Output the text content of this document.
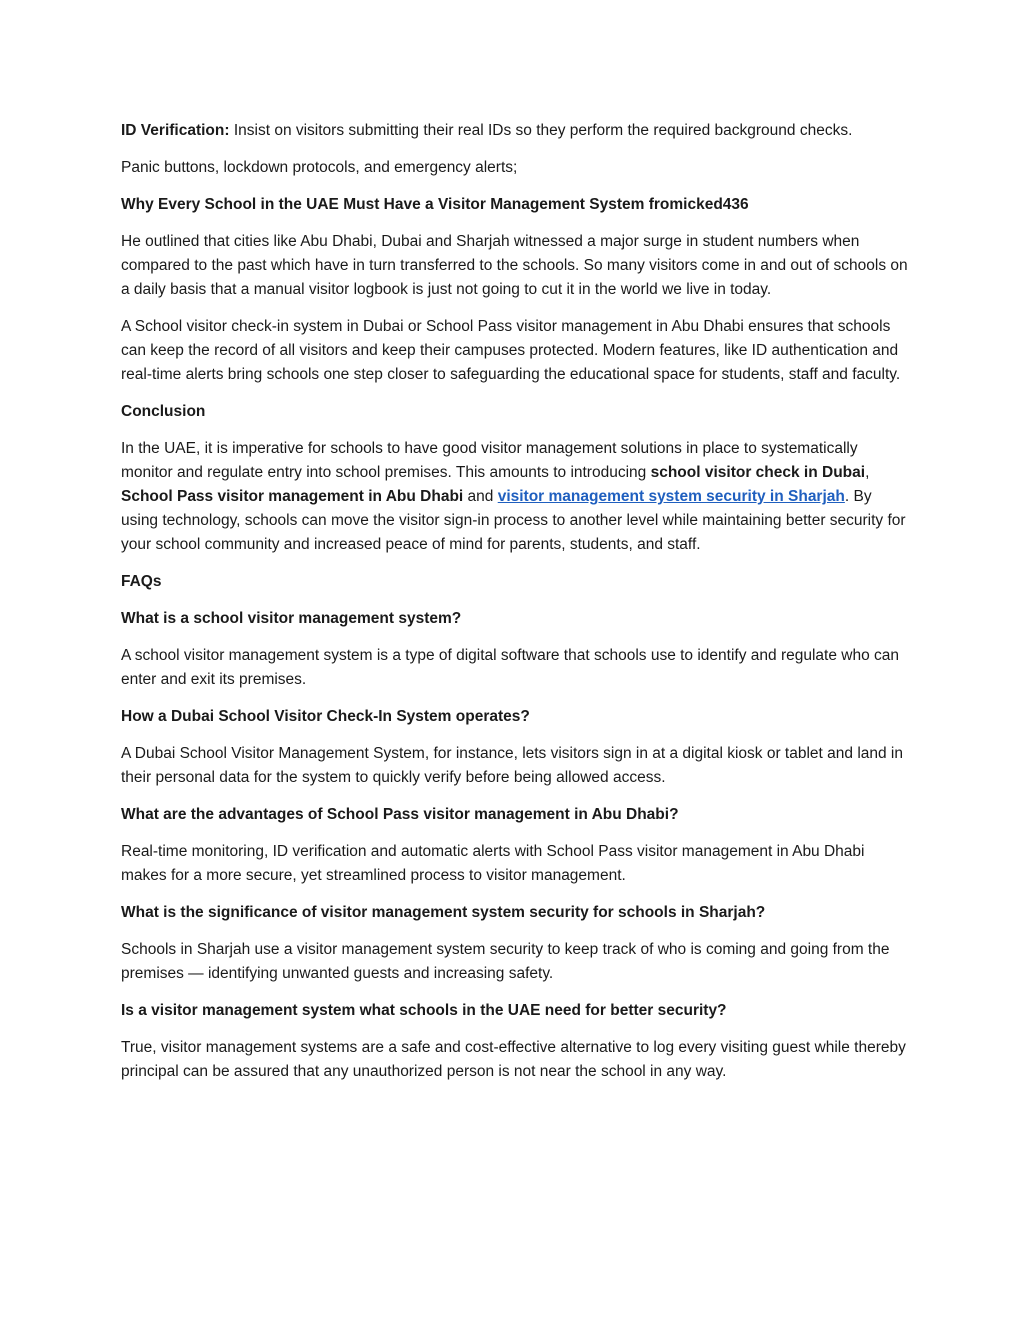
ID Verification: Insist on visitors submitting their real IDs so they perform the required background checks.

Panic buttons, lockdown protocols, and emergency alerts;

Why Every School in the UAE Must Have a Visitor Management System fromicked436

He outlined that cities like Abu Dhabi, Dubai and Sharjah witnessed a major surge in student numbers when compared to the past which have in turn transferred to the schools. So many visitors come in and out of schools on a daily basis that a manual visitor logbook is just not going to cut it in the world we live in today.

A School visitor check-in system in Dubai or School Pass visitor management in Abu Dhabi ensures that schools can keep the record of all visitors and keep their campuses protected. Modern features, like ID authentication and real-time alerts bring schools one step closer to safeguarding the educational space for students, staff and faculty.

Conclusion

In the UAE, it is imperative for schools to have good visitor management solutions in place to systematically monitor and regulate entry into school premises. This amounts to introducing school visitor check in Dubai, School Pass visitor management in Abu Dhabi and visitor management system security in Sharjah. By using technology, schools can move the visitor sign-in process to another level while maintaining better security for your school community and increased peace of mind for parents, students, and staff.

FAQs

What is a school visitor management system?

A school visitor management system is a type of digital software that schools use to identify and regulate who can enter and exit its premises.

How a Dubai School Visitor Check-In System operates?

A Dubai School Visitor Management System, for instance, lets visitors sign in at a digital kiosk or tablet and land in their personal data for the system to quickly verify before being allowed access.

What are the advantages of School Pass visitor management in Abu Dhabi?

Real-time monitoring, ID verification and automatic alerts with School Pass visitor management in Abu Dhabi makes for a more secure, yet streamlined process to visitor management.

What is the significance of visitor management system security for schools in Sharjah?

Schools in Sharjah use a visitor management system security to keep track of who is coming and going from the premises — identifying unwanted guests and increasing safety.

Is a visitor management system what schools in the UAE need for better security?

True, visitor management systems are a safe and cost-effective alternative to log every visiting guest while thereby principal can be assured that any unauthorized person is not near the school in any way.
